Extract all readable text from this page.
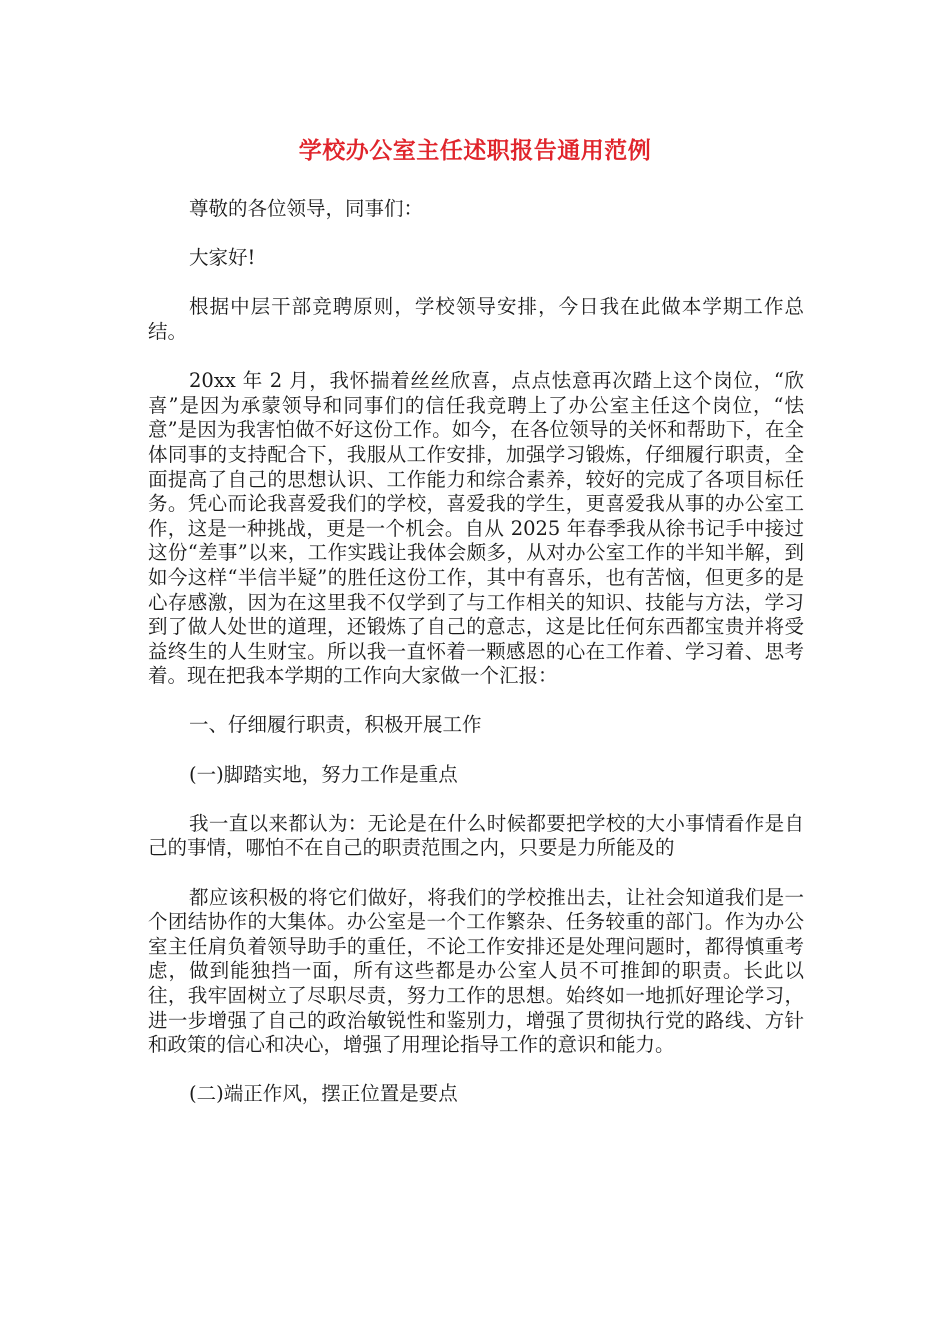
学校办公室主任述职报告通用范例

尊敬的各位领导，同事们：

大家好!

根据中层干部竞聘原则，学校领导安排，今日我在此做本学期工作总结。

20xx 年 2 月，我怀揣着丝丝欣喜，点点怯意再次踏上这个岗位，“欣喜”是因为承蒙领导和同事们的信任我竞聘上了办公室主任这个岗位，“怯意”是因为我害怕做不好这份工作。如今，在各位领导的关怀和帮助下，在全体同事的支持配合下，我服从工作安排，加强学习锻炼，仔细履行职责，全面提高了自己的思想认识、工作能力和综合素养，较好的完成了各项目标任务。凭心而论我喜爱我们的学校，喜爱我的学生，更喜爱我从事的办公室工作，这是一种挑战，更是一个机会。自从 2025 年春季我从徐书记手中接过这份“差事”以来，工作实践让我体会颇多，从对办公室工作的半知半解，到如今这样“半信半疑”的胜任这份工作，其中有喜乐，也有苦恼，但更多的是心存感激，因为在这里我不仅学到了与工作相关的知识、技能与方法，学习到了做人处世的道理，还锻炼了自己的意志，这是比任何东西都宝贵并将受益终生的人生财宝。所以我一直怀着一颗感恩的心在工作着、学习着、思考着。现在把我本学期的工作向大家做一个汇报：

一、仔细履行职责，积极开展工作

(一)脚踏实地，努力工作是重点

我一直以来都认为：无论是在什么时候都要把学校的大小事情看作是自己的事情，哪怕不在自己的职责范围之内，只要是力所能及的

都应该积极的将它们做好，将我们的学校推出去，让社会知道我们是一个团结协作的大集体。办公室是一个工作繁杂、任务较重的部门。作为办公室主任肩负着领导助手的重任，不论工作安排还是处理问题时，都得慎重考虑，做到能独挡一面，所有这些都是办公室人员不可推卸的职责。长此以往，我牢固树立了尽职尽责，努力工作的思想。始终如一地抓好理论学习，进一步增强了自己的政治敏锐性和鉴别力，增强了贯彻执行党的路线、方针和政策的信心和决心，增强了用理论指导工作的意识和能力。

(二)端正作风，摆正位置是要点
